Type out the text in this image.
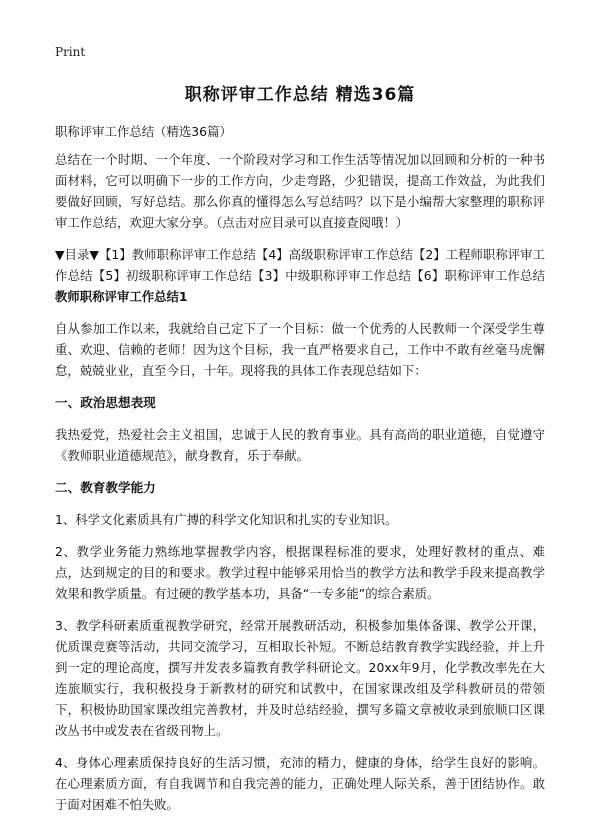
Print
职称评审工作总结 精选36篇

职称评审工作总结（精选36篇）

总结在一个时期、一个年度、一个阶段对学习和工作生活等情况加以回顾和分析的一种书面材料，它可以明确下一步的工作方向，少走弯路，少犯错误，提高工作效益，为此我们要做好回顾，写好总结。那么你真的懂得怎么写总结吗？以下是小编帮大家整理的职称评审工作总结，欢迎大家分享。（点击对应目录可以直接查阅哦！）

▼目录▼【1】教师职称评审工作总结【4】高级职称评审工作总结【2】工程师职称评审工作总结【5】初级职称评审工作总结【3】中级职称评审工作总结【6】职称评审工作总结教师职称评审工作总结1

自从参加工作以来，我就给自己定下了一个目标：做一个优秀的人民教师一个深受学生尊重、欢迎、信赖的老师！因为这个目标，我一直严格要求自己，工作中不敢有丝毫马虎懈怠，兢兢业业，直至今日，十年。现将我的具体工作表现总结如下：

一、政治思想表现

我热爱党，热爱社会主义祖国，忠诚于人民的教育事业。具有高尚的职业道德，自觉遵守《教师职业道德规范》，献身教育，乐于奉献。

二、教育教学能力

1、科学文化素质具有广搏的科学文化知识和扎实的专业知识。

2、教学业务能力熟练地掌握教学内容，根据课程标准的要求，处理好教材的重点、难点，达到规定的目的和要求。教学过程中能够采用恰当的教学方法和教学手段来提高教学效果和教学质量。有过硬的教学基本功，具备“一专多能”的综合素质。

3、教学科研素质重视教学研究，经常开展教研活动，积极参加集体备课、教学公开课，优质课竞赛等活动，共同交流学习，互相取长补短。不断总结教育教学实践经验，并上升到一定的理论高度，撰写并发表多篇教育教学科研论文。20xx年9月，化学教改率先在大连旅顺实行，我积极投身于新教材的研究和试教中，在国家课改组及学科教研员的带领下，积极协助国家课改组完善教材，并及时总结经验，撰写多篇文章被收录到旅顺口区课改丛书中或发表在省级刊物上。

4、身体心理素质保持良好的生活习惯，充沛的精力，健康的身体，给学生良好的影响。在心理素质方面，有自我调节和自我完善的能力，正确处理人际关系，善于团结协作。敢于面对困难不怕失败。
